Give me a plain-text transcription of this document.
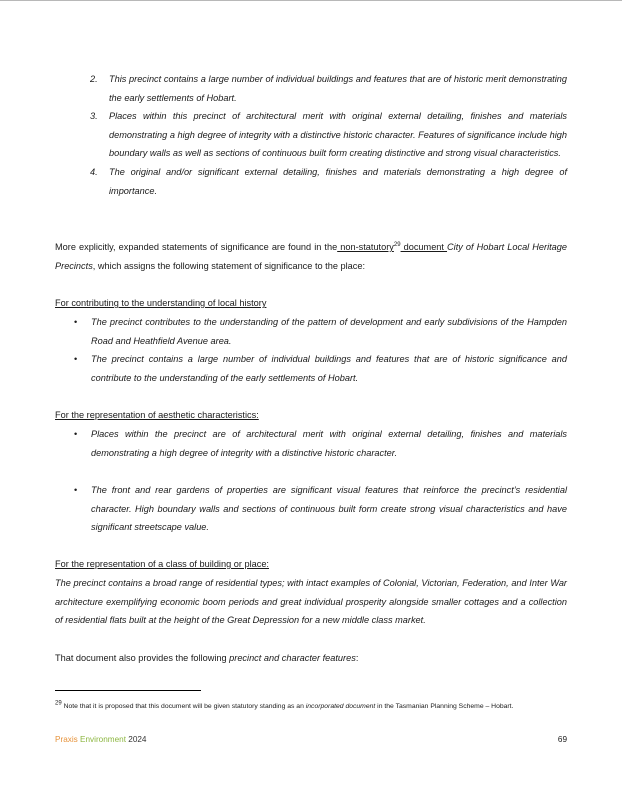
2. This precinct contains a large number of individual buildings and features that are of historic merit demonstrating the early settlements of Hobart.
3. Places within this precinct of architectural merit with original external detailing, finishes and materials demonstrating a high degree of integrity with a distinctive historic character. Features of significance include high boundary walls as well as sections of continuous built form creating distinctive and strong visual characteristics.
4. The original and/or significant external detailing, finishes and materials demonstrating a high degree of importance.

More explicitly, expanded statements of significance are found in the non-statutory$^{29}$ document City of Hobart Local Heritage Precincts, which assigns the following statement of significance to the place:

For contributing to the understanding of local history
• The precinct contributes to the understanding of the pattern of development and early subdivisions of the Hampden Road and Heathfield Avenue area.
• The precinct contains a large number of individual buildings and features that are of historic significance and contribute to the understanding of the early settlements of Hobart.
For the representation of aesthetic characteristics:
• Places within the precinct are of architectural merit with original external detailing, finishes and materials demonstrating a high degree of integrity with a distinctive historic character.
• The front and rear gardens of properties are significant visual features that reinforce the precinct’s residential character. High boundary walls and sections of continuous built form create strong visual characteristics and have significant streetscape value.
For the representation of a class of building or place:

The precinct contains a broad range of residential types; with intact examples of Colonial, Victorian, Federation, and Inter War architecture exemplifying economic boom periods and great individual prosperity alongside smaller cottages and a collection of residential flats built at the height of the Great Depression for a new middle class market.

That document also provides the following precinct and character features:

$^{29}$ Note that it is proposed that this document will be given statutory standing as an incorporated document in the Tasmanian Planning Scheme – Hobart.
Praxis Environment 2024	69
